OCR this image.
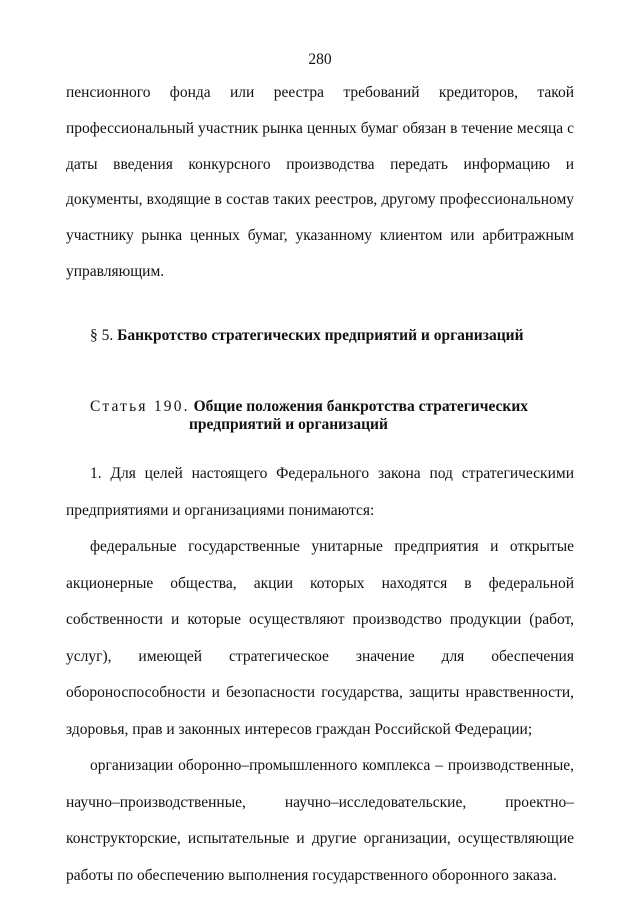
280
пенсионного фонда или реестра требований кредиторов, такой
профессиональный участник рынка ценных бумаг обязан в течение месяца с
даты введения конкурсного производства передать информацию и
документы, входящие в состав таких реестров, другому профессиональному
участнику рынка ценных бумаг, указанному клиентом или арбитражным
управляющим.
§ 5. Банкротство стратегических предприятий и организаций
Статья 190. Общие положения банкротства стратегических
предприятий и организаций
1. Для целей настоящего Федерального закона под стратегическими
предприятиями и организациями понимаются:
федеральные государственные унитарные предприятия и открытые
акционерные общества, акции которых находятся в федеральной
собственности и которые осуществляют производство продукции (работ,
услуг), имеющей стратегическое значение для обеспечения
обороноспособности и безопасности государства, защиты нравственности,
здоровья, прав и законных интересов граждан Российской Федерации;
организации оборонно–промышленного комплекса – производственные,
научно–производственные, научно–исследовательские, проектно–
конструкторские, испытательные и другие организации, осуществляющие
работы по обеспечению выполнения государственного оборонного заказа.
